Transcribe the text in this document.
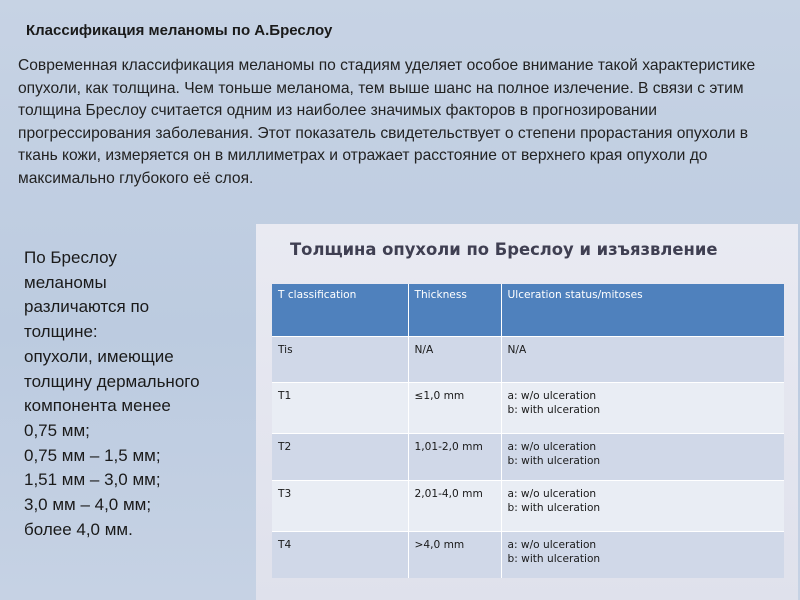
Классификация меланомы по А.Бреслоу

Современная классификация меланомы по стадиям уделяет особое внимание такой характеристике опухоли, как толщина. Чем тоньше меланома, тем выше шанс на полное излечение. В связи с этим толщина Бреслоу считается одним из наиболее значимых факторов в прогнозировании прогрессирования заболевания. Этот показатель свидетельствует о степени прорастания опухоли в ткань кожи, измеряется он в миллиметрах и отражает расстояние от верхнего края опухоли до максимально глубокого её слоя.

По Бреслоу
меланомы
различаются по
толщине:
опухоли, имеющие
толщину дермального
компонента менее
0,75 мм;
0,75 мм – 1,5 мм;
1,51 мм – 3,0 мм;
3,0 мм – 4,0 мм;
более 4,0 мм.
Толщина опухоли по Бреслоу и изъязвление
T classification	Thickness	Ulceration status/mitoses
Tis	N/A	N/A

T1	≤1,0 mm	a: w/o ulceration
b: with ulceration

T2	1,01-2,0 mm	a: w/o ulceration
b: with ulceration

T3	2,01-4,0 mm	a: w/o ulceration
b: with ulceration

T4	>4,0 mm	a: w/o ulceration
b: with ulceration
